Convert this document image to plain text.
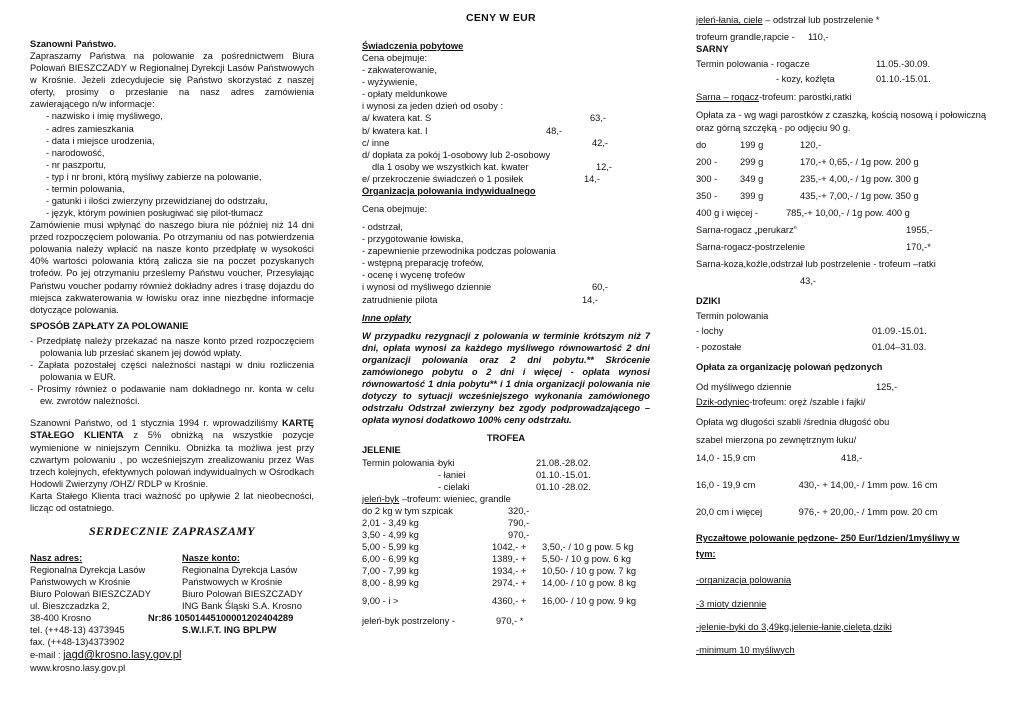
CENY W EUR

Szanowni Państwo.

Zapraszamy Państwa na polowanie za pośrednictwem Biura Polowań BIESZCZADY w Regionalnej Dyrekcji Lasów Państwowych w Krośnie. Jeżeli zdecydujecie się Państwo skorzystać z naszej oferty, prosimy o przesłanie na nasz adres zamówienia zawierającego n/w informacje:

- nazwisko i imię myśliwego,
- adres zamieszkania
- data i miejsce urodzenia,
- narodowość,
- nr paszportu,
- typ i nr broni, którą myśliwy zabierze na polowanie,
- termin polowania,
- gatunki i ilości zwierzyny przewidzianej do odstrzału,
- język, którym powinien posługiwać się pilot-tłumacz

Zamówienie musi wpłynąć do naszego biura nie później niż 14 dni przed rozpoczęciem polowania. Po otrzymaniu od nas potwierdzenia polowania należy wpłacić na nasze konto przedpłatę w wysokości 40% wartości polowania którą zalicza sie na poczet pozyskanych trofeów. Po jej otrzymaniu prześlemy Państwu voucher, Przesyłając Państwu voucher podamy również dokładny adres i trasę dojazdu do miejsca zakwaterowania w łowisku oraz inne niezbędne informacje dotyczące polowania.

SPOSÓB ZAPŁATY ZA POLOWANIE

- Przedpłatę należy przekazać na nasze konto przed rozpoczęciem polowania lub przesłać skanem jej dowód wpłaty.

- Zapłata pozostałej części należności nastąpi w dniu rozliczenia polowania w EUR.

- Prosimy również o podawanie nam dokładnego nr. konta w celu ew. zwrotów należności.

Szanowni Państwo, od 1 stycznia 1994 r. wprowadziliśmy KARTĘ STAŁEGO KLIENTA z 5% obniżką na wszystkie pozycje wymienione w niniejszym Cenniku. Obniżka ta możliwa jest przy czwartym polowaniu , po wcześniejszym zrealizowaniu przez Was trzech kolejnych, efektywnych polowań indywidualnych w Ośrodkach Hodowli Zwierzyny /OHZ/ RDLP w Krośnie.

Karta Stałego Klienta traci ważność po upływie 2 lat nieobecności, licząc od ostatniego.

SERDECZNIE ZAPRASZAMY

Nasz adres:	Nasze konto:
Regionalna Dyrekcja Lasów	Regionalna Dyrekcja Lasów
Państwowych w Krośnie	Państwowych w Krośnie
Biuro Polowań BIESZCZADY	Biuro Polowań BIESZCZADY
ul. Bieszczadzka 2,	ING Bank Śląski S.A. Krosno
38-400 Krosno	Nr:86 10501445100001202404289
tel. (++48-13) 4373945	S.W.I.F.T. ING BPLPW

fax. (++48-13)4373902

e-mail : jagd@krosno.lasy.gov.pl

www.krosno.lasy.gov.pl

Świadczenia pobytowe

Cena obejmuje:

- zakwaterowanie,

- wyżywienie,

- opłaty meldunkowe

i wynosi za jeden dzień od osoby :

a/ kwatera kat. S	63,-
b/ kwatera kat. I	48,-
c/ inne	42,-

d/ dopłata za pokój 1-osobowy lub 2-osobowy

dla 1 osoby we wszystkich kat. kwater	12,-
e/ przekroczenie świadczeń o 1 posiłek	14,-

Organizacja polowania indywidualnego

Cena obejmuje:

- odstrzał,

- przygotowanie łowiska,

- zapewnienie przewodnika podczas polowania

- wstępną preparację trofeów,

- ocenę i wycenę trofeów

i wynosi od myśliwego dziennie	60,-
zatrudnienie pilota	14,-

Inne opłaty

W przypadku rezygnacji z polowania w terminie krótszym niż 7 dni, opłata wynosi za każdego myśliwego równowartość 2 dni organizacji polowania oraz 2 dni pobytu.** Skrócenie zamówionego pobytu o 2 dni i więcej - opłata wynosi równowartość 1 dnia pobytu** i 1 dnia organizacji polowania nie dotyczy to sytuacji wcześniejszego wykonania zamówionego odstrzału Odstrzał zwierzyny bez zgody podprowadzającego – opłata wynosi dodatkowo 100% ceny odstrzału.

TROFEA

JELENIE

Termin polowania -
byki	21.08.-28.02.
- łaniei	01.10.-15.01.
- cielaki	01.10 -28.02.

jeleń-byk –trofeum: wieniec, grandle

do 2 kg w tym szpicak	320,-
2,01 - 3,49 kg	790,-
3,50 - 4,99 kg	970,-
5,00 - 5,99 kg	1042,- +	3,50,- / 10 g pow. 5 kg
6,00 - 6,99 kg	1389,- +	5,50- / 10 g pow. 6 kg
7,00 - 7,99 kg	1934,- +	10,50- / 10 g pow. 7 kg
8,00 - 8,99 kg	2974,- +	14,00- / 10 g pow. 8 kg
9,00 - i >	4360,- +	16,00- / 10 g pow. 9 kg
jeleń-byk postrzelony -	970,- *

jeleń-łania, ciele – odstrzał lub postrzelenie *

trofeum grandle,rapcie -	110,-

SARNY

Termin polowania - rogacze	11.05.-30.09.
- kozy, koźlęta	01.10.-15.01.

Sarna – rogacz-trofeum: parostki,ratki

Opłata za - wg wagi parostków z czaszką, kością nosową i połowiczną oraz górną szczęką - po odjęciu 90 g.

do	199 g	120,-
200 -	299 g	170,-+ 0,65,- / 1g pow. 200 g
300 -	349 g	235,-+ 4,00,- / 1g pow. 300 g
350 -	399 g	435,-+ 7,00,- / 1g pow. 350 g
400 g i więcej -	785,-+ 10,00,- / 1g pow. 400 g
Sarna-rogacz „perukarz”	1955,-
Sarna-rogacz-postrzelenie	170,-*

Sarna-koza,koźle,odstrzał lub postrzelenie - trofeum –ratki

43,-

DZIKI

Termin polowania

- lochy	01.09.-15.01.
- pozostałe	01.04–31.03.

Opłata za organizację polowań pędzonych

Od myśliwego dziennie	125,-

Dzik-odyniec-trofeum: oręż /szable i fajki/

Opłata wg długości szabli /średnia długość obu

szabel mierzona po zewnętrznym łuku/

14,0 - 15,9 cm	418,-
16,0 - 19,9 cm	430,- + 14,00,- / 1mm pow. 16 cm
20,0 cm i więcej	976,- + 20,00,- / 1mm pow. 20 cm

Ryczałtowe polowanie pędzone- 250 Eur/1dzien/1myśliwy w

tym:

-organizacja polowania

-3 mioty dziennie

-jelenie-byki do 3,49kg,jelenie-łanie,cielęta,dziki

-minimum 10 myśliwych
